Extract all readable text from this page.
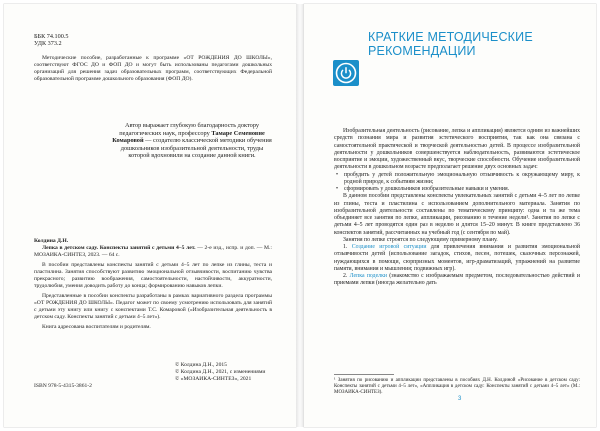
ББК 74.100.5
УДК 373.2
Методические пособие, разработанные к программе «ОТ РОЖДЕНИЯ ДО ШКОЛЫ», соответствуют ФГОС ДО и ФОП ДО и могут быть использованы педагогами дошкольных организаций для решения задач образовательных программ, соответствующих Федеральной образовательной программе дошкольного образования (ФОП ДО).
Автор выражает глубокую благодарность доктору педагогических наук, профессору Тамаре Семеновне Комаровой — создателю классической методики обучения дошкольников изобразительной деятельности, труды которой вдохновили на создание данной книги.
Колдина Д.Н.

Лепка в детском саду. Конспекты занятий с детьми 4–5 лет. — 2-е изд., испр. и доп. — М.: МОЗАИКА-СИНТЕЗ, 2023. — 64 с.

В пособии представлены конспекты занятий с детьми 4–5 лет по лепке из глины, теста и пластилина. Занятия способствуют развитию эмоциональной отзывчивости, воспитанию чувства прекрасного; развитию воображения, самостоятельности, настойчивости, аккуратности, трудолюбия, умения доводить работу до конца; формированию навыков лепки.

Представленные в пособии конспекты разработаны в рамках вариативного раздела программы «ОТ РОЖДЕНИЯ ДО ШКОЛЫ». Педагог может по своему усмотрению использовать для занятий с детьми эту книгу или книгу с конспектами Т.С. Комаровой («Изобразительная деятельность в детском саду. Конспекты занятий с детьми 4–5 лет»).

Книга адресована воспитателям и родителям.

© Колдина Д.Н., 2015
© Колдина Д.Н., 2021, с изменениями
© «МОЗАИКА-СИНТЕЗ», 2021
ISBN 978-5-4315-3861-2
КРАТКИЕ МЕТОДИЧЕСКИЕ
РЕКОМЕНДАЦИИ

Изобразительная деятельность (рисование, лепка и аппликация) является одним из важнейших средств познания мира и развития эстетического восприятия, так как она связана с самостоятельной практической и творческой деятельностью детей. В процессе изобразительной деятельности у дошкольников совершенствуется наблюдательность, развиваются эстетическое восприятие и эмоции, художественный вкус, творческие способности. Обучение изобразительной деятельности в дошкольном возрасте предполагает решение двух основных задач:

• пробудить у детей положительную эмоциональную отзывчивость к окружающему миру, к родной природе, к событиям жизни;

• сформировать у дошкольников изобразительные навыки и умения.

В данном пособии представлены конспекты увлекательных занятий с детьми 4–5 лет по лепке из глины, теста и пластилина с использованием дополнительного материала. Занятия по изобразительной деятельности составлены по тематическому принципу: одна и та же тема объединяет все занятия по лепке, аппликации, рисованию в течение недели¹. Занятия по лепке с детьми 4–5 лет проводятся один раз в неделю и длятся 15–20 минут. В книге представлено 36 конспектов занятий, рассчитанных на учебный год (с сентября по май).

Занятия по лепке строятся по следующему примерному плану.

1. Создание игровой ситуации для привлечения внимания и развития эмоциональной отзывчивости детей (использование загадок, стихов, песен, потешек, сказочных персонажей, нуждающихся в помощи, сюрпризных моментов, игр-драматизаций, упражнений на развитие памяти, внимания и мышления; подвижных игр).

2. Лепка поделки (знакомство с изображаемым предметом, последовательностью действий и приемами лепки (иногда желательно дать

¹ Занятия по рисованию и аппликации представлены в пособиях Д.Н. Колдиной «Рисование в детском саду: Конспекты занятий с детьми 4–5 лет», «Аппликация в детском саду: Конспекты занятий с детьми 4–5 лет» (М.: МОЗАИКА-СИНТЕЗ).
3
